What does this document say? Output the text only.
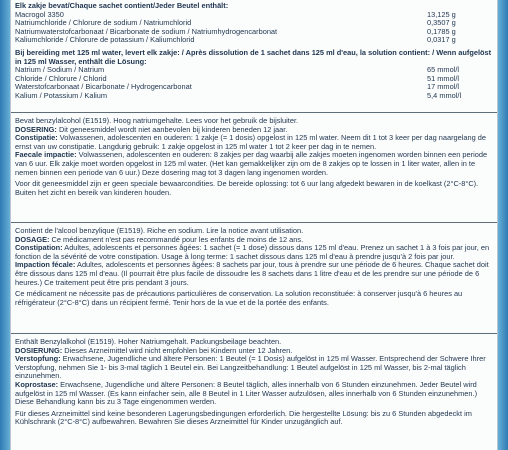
Elk zakje bevat/Chaque sachet contient/Jeder Beutel enthält:

Macrogol 3350	13,125 g
Natriumchloride / Chlorure de sodium / Natriumchlorid	0,3507 g
Natriumwaterstofcarbonaat / Bicarbonate de sodium / Natriumhydrogencarbonat	0,1785 g
Kaliumchloride / Chlorure de potassium / Kaliumchlorid	0,0317 g

Bij bereiding met 125 ml water, levert elk zakje: / Après dissolution de 1 sachet dans 125 ml d'eau, la solution contient: / Wenn aufgelöst in 125 ml Wasser, enthält die Lösung:

Natrium / Sodium / Natrium	65 mmol/l
Chloride / Chlorure / Chlorid	51 mmol/l
Waterstofcarbonaat / Bicarbonate / Hydrogencarbonat	17 mmol/l
Kalium / Potassium / Kalium	5,4 mmol/l

Bevat benzylalcohol (E1519). Hoog natriumgehalte. Lees voor het gebruik de bijsluiter.

DOSERING: Dit geneesmiddel wordt niet aanbevolen bij kinderen beneden 12 jaar.

Constipatie: Volwassenen, adolescenten en ouderen: 1 zakje (= 1 dosis) opgelost in 125 ml water. Neem dit 1 tot 3 keer per dag naargelang de ernst van uw constipatie. Langdurig gebruik: 1 zakje opgelost in 125 ml water 1 tot 2 keer per dag in te nemen.

Faecale impactie: Volwassenen, adolescenten en ouderen: 8 zakjes per dag waarbij alle zakjes moeten ingenomen worden binnen een periode van 6 uur. Elk zakje moet worden opgelost in 125 ml water. (Het kan gemakkelijker zijn om de 8 zakjes op te lossen in 1 liter water, allen in te nemen binnen een periode van 6 uur.) Deze dosering mag tot 3 dagen lang ingenomen worden.

Voor dit geneesmiddel zijn er geen speciale bewaarcondities. De bereide oplossing: tot 6 uur lang afgedekt bewaren in de koelkast (2°C-8°C). Buiten het zicht en bereik van kinderen houden.

Contient de l'alcool benzylique (E1519). Riche en sodium. Lire la notice avant utilisation.

DOSAGE: Ce médicament n'est pas recommandé pour les enfants de moins de 12 ans.

Constipation: Adultes, adolescents et personnes âgées: 1 sachet (= 1 dose) dissous dans 125 ml d'eau. Prenez un sachet 1 à 3 fois par jour, en fonction de la sévérité de votre constipation. Usage à long terme: 1 sachet dissous dans 125 ml d'eau à prendre jusqu'à 2 fois par jour.

Impaction fécale: Adultes, adolescents et personnes âgées: 8 sachets par jour, tous à prendre sur une période de 6 heures. Chaque sachet doit être dissous dans 125 ml d'eau. (Il pourrait être plus facile de dissoudre les 8 sachets dans 1 litre d'eau et de les prendre sur une période de 6 heures.) Ce traitement peut être pris pendant 3 jours.

Ce médicament ne nécessite pas de précautions particulières de conservation. La solution reconstituée: à conserver jusqu'à 6 heures au réfrigérateur (2°C-8°C) dans un récipient fermé. Tenir hors de la vue et de la portée des enfants.

Enthält Benzylalkohol (E1519). Hoher Natriumgehalt. Packungsbeilage beachten.

DOSIERUNG: Dieses Arzneimittel wird nicht empfohlen bei Kindern unter 12 Jahren.

Verstopfung: Erwachsene, Jugendliche und ältere Personen: 1 Beutel (= 1 Dosis) aufgelöst in 125 ml Wasser. Entsprechend der Schwere Ihrer Verstopfung, nehmen Sie 1- bis 3-mal täglich 1 Beutel ein. Bei Langzeitbehandlung: 1 Beutel aufgelöst in 125 ml Wasser, bis 2-mal täglich einzunehmen.

Koprostase: Erwachsene, Jugendliche und ältere Personen: 8 Beutel täglich, alles innerhalb von 6 Stunden einzunehmen. Jeder Beutel wird aufgelöst in 125 ml Wasser. (Es kann einfacher sein, alle 8 Beutel in 1 Liter Wasser aufzulösen, alles innerhalb von 6 Stunden einzunehmen.) Diese Behandlung kann bis zu 3 Tage eingenommen werden.

Für dieses Arzneimittel sind keine besonderen Lagerungsbedingungen erforderlich. Die hergestellte Lösung: bis zu 6 Stunden abgedeckt im Kühlschrank (2°C-8°C) aufbewahren. Bewahren Sie dieses Arzneimittel für Kinder unzugänglich auf.
